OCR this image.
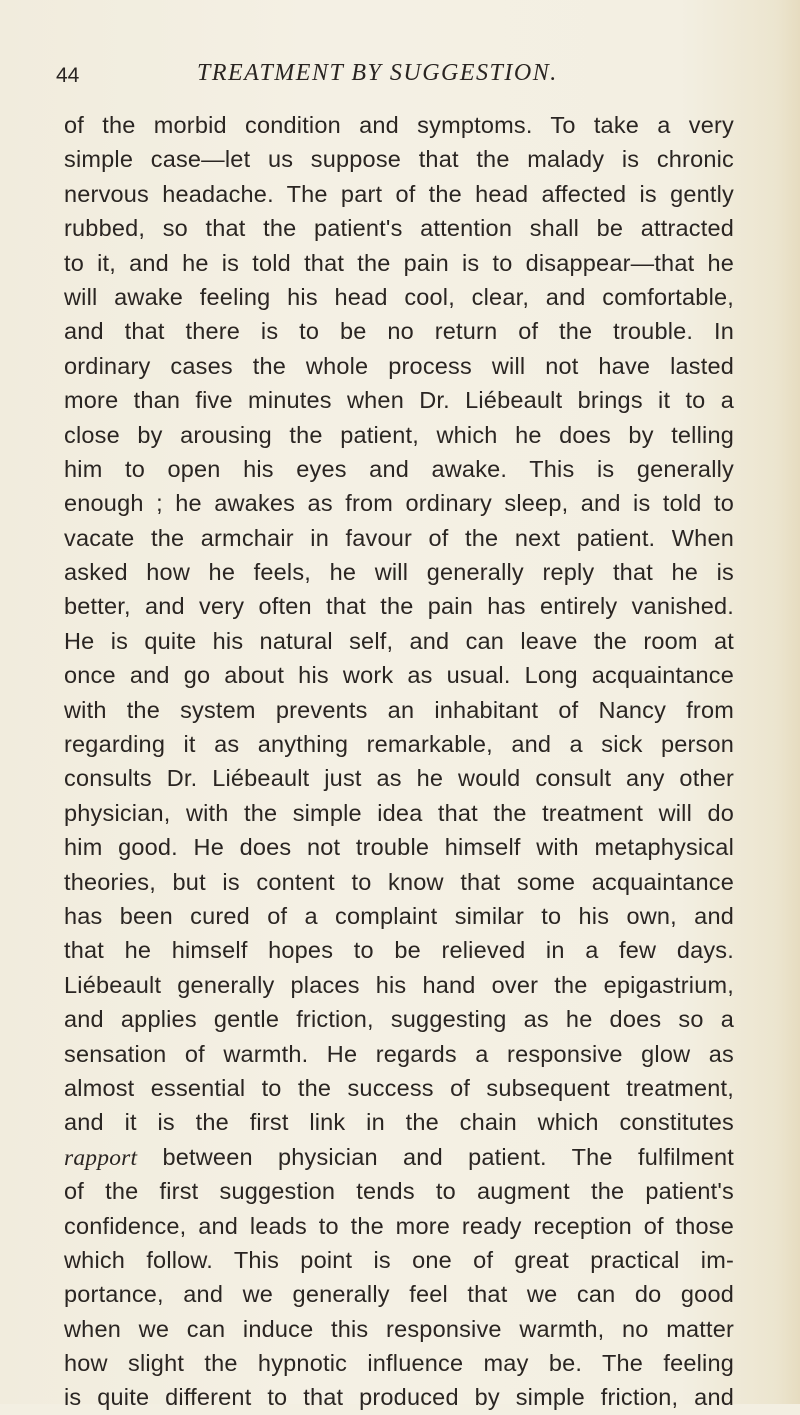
44	TREATMENT BY SUGGESTION.
of the morbid condition and symptoms. To take a very
simple case—let us suppose that the malady is chronic
nervous headache. The part of the head affected is gently
rubbed, so that the patient's attention shall be attracted
to it, and he is told that the pain is to disappear—that he
will awake feeling his head cool, clear, and comfortable,
and that there is to be no return of the trouble. In
ordinary cases the whole process will not have lasted
more than five minutes when Dr. Liébeault brings it to a
close by arousing the patient, which he does by telling
him to open his eyes and awake. This is generally
enough ; he awakes as from ordinary sleep, and is told to
vacate the armchair in favour of the next patient. When
asked how he feels, he will generally reply that he is
better, and very often that the pain has entirely vanished.
He is quite his natural self, and can leave the room at
once and go about his work as usual. Long acquaintance
with the system prevents an inhabitant of Nancy from
regarding it as anything remarkable, and a sick person
consults Dr. Liébeault just as he would consult any other
physician, with the simple idea that the treatment will do
him good. He does not trouble himself with metaphysical
theories, but is content to know that some acquaintance
has been cured of a complaint similar to his own, and
that he himself hopes to be relieved in a few days.
Liébeault generally places his hand over the epigastrium,
and applies gentle friction, suggesting as he does so a
sensation of warmth. He regards a responsive glow as
almost essential to the success of subsequent treatment,
and it is the first link in the chain which constitutes
rapport between physician and patient. The fulfilment
of the first suggestion tends to augment the patient's
confidence, and leads to the more ready reception of those
which follow. This point is one of great practical im-
portance, and we generally feel that we can do good
when we can induce this responsive warmth, no matter
how slight the hypnotic influence may be. The feeling
is quite different to that produced by simple friction, and
